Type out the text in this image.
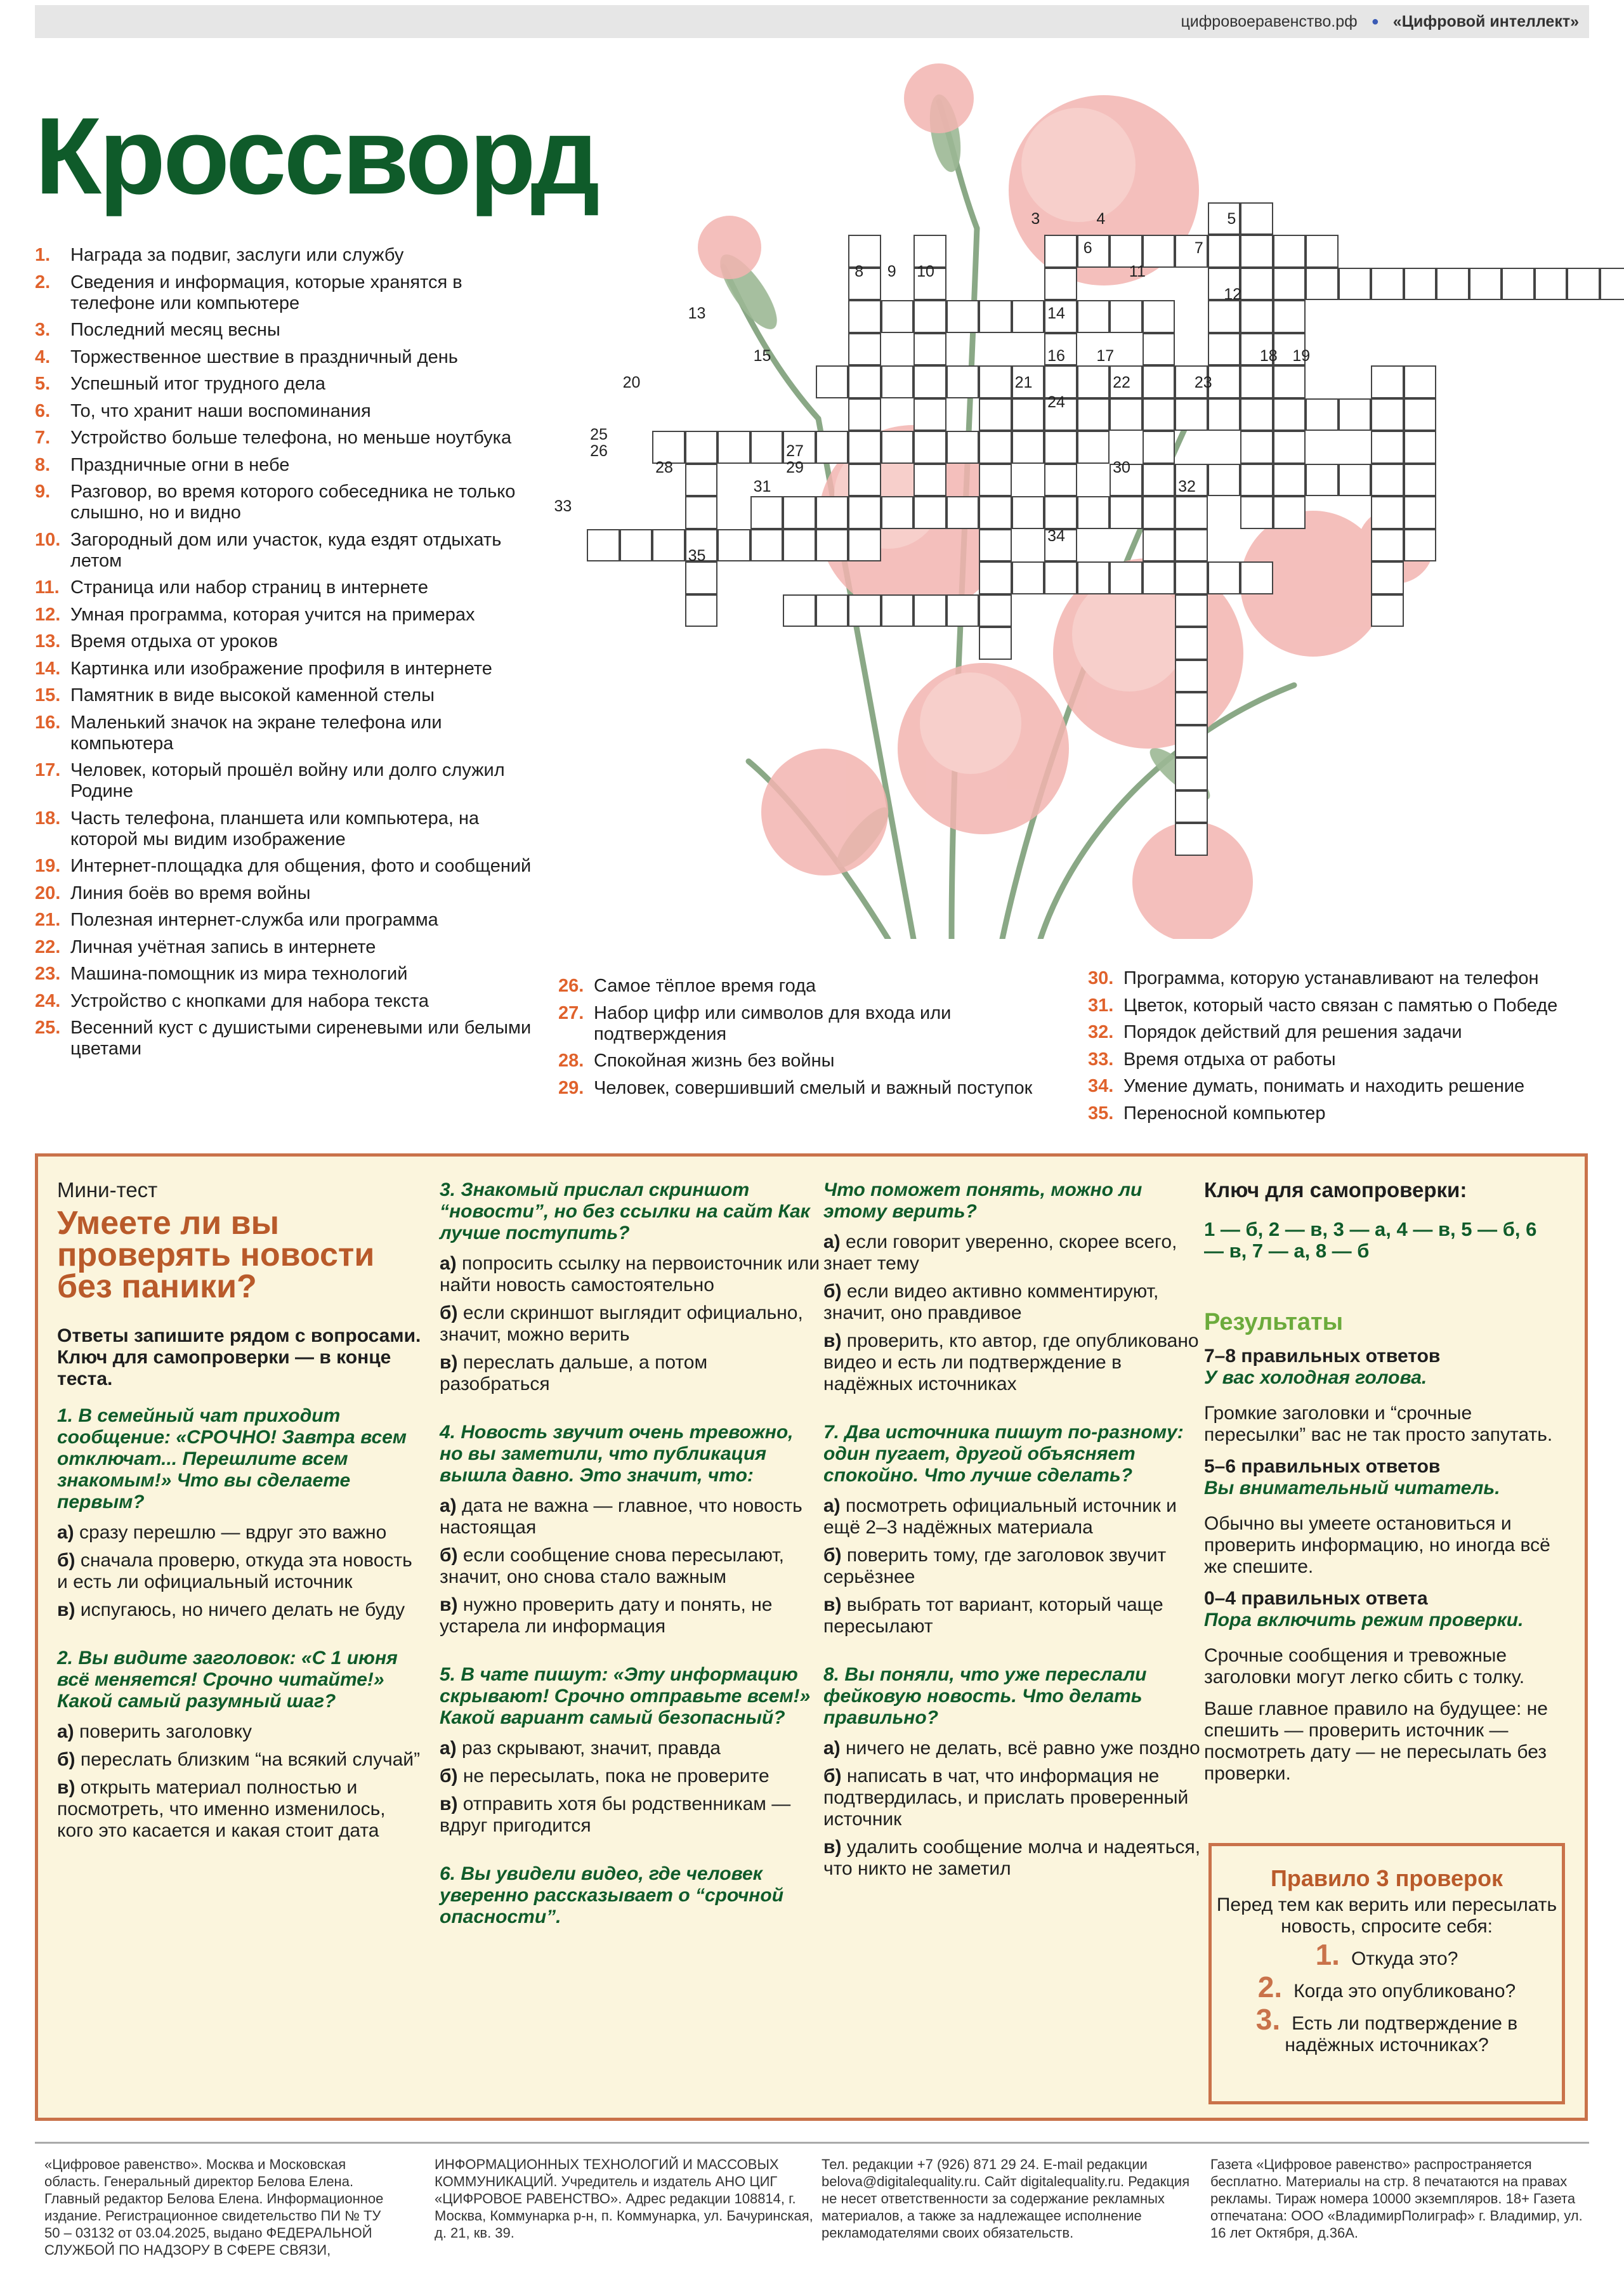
цифровоеравенство.рф ● «Цифровой интеллект»
Кроссворд
1. Награда за подвиг, заслуги или службу
2. Сведения и информация, которые хранятся в телефоне или компьютере
3. Последний месяц весны
4. Торжественное шествие в праздничный день
5. Успешный итог трудного дела
6. То, что хранит наши воспоминания
7. Устройство больше телефона, но меньше ноутбука
8. Праздничные огни в небе
9. Разговор, во время которого собеседника не только слышно, но и видно
10. Загородный дом или участок, куда ездят отдыхать летом
11. Страница или набор страниц в интернете
12. Умная программа, которая учится на примерах
13. Время отдыха от уроков
14. Картинка или изображение профиля в интернете
15. Памятник в виде высокой каменной стелы
16. Маленький значок на экране телефона или компьютера
17. Человек, который прошёл войну или долго служил Родине
18. Часть телефона, планшета или компьютера, на которой мы видим изображение
19. Интернет-площадка для общения, фото и сообщений
20. Линия боёв во время войны
21. Полезная интернет-служба или программа
22. Личная учётная запись в интернете
23. Машина-помощник из мира технологий
24. Устройство с кнопками для набора текста
25. Весенний куст с душистыми сиреневыми или белыми цветами
26. Самое тёплое время года
27. Набор цифр или символов для входа или подтверждения
28. Спокойная жизнь без войны
29. Человек, совершивший смелый и важный поступок
30. Программа, которую устанавливают на телефон
31. Цветок, который часто связан с памятью о Победе
32. Порядок действий для решения задачи
33. Время отдыха от работы
34. Умение думать, понимать и находить решение
35. Переносной компьютер
3	4	5
6	7
8 9 10	11
12
13	14
15	16 17	18 19
20	21	22	23
24
25
26	27
28	29	30
31	32
33
34
35
Мини-тест
Умеете ли вы проверять новости без паники?
Ответы запишите рядом с вопросами. Ключ для самопроверки — в конце теста.
1. В семейный чат приходит сообщение: «СРОЧНО! Завтра всем отключат... Перешлите всем знакомым!» Что вы сделаете первым?
а) сразу перешлю — вдруг это важно
б) сначала проверю, откуда эта новость и есть ли официальный источник
в) испугаюсь, но ничего делать не буду
2. Вы видите заголовок: «С 1 июня всё меняется! Срочно читайте!» Какой самый разумный шаг?
а) поверить заголовку
б) переслать близким “на всякий случай”
в) открыть материал полностью и посмотреть, что именно изменилось, кого это касается и какая стоит дата
3. Знакомый прислал скриншот “новости”, но без ссылки на сайт Как лучше поступить?
а) попросить ссылку на первоисточник или найти новость самостоятельно
б) если скриншот выглядит официально, значит, можно верить
в) переслать дальше, а потом разобраться
4. Новость звучит очень тревожно, но вы заметили, что публикация вышла давно. Это значит, что:
а) дата не важна — главное, что новость настоящая
б) если сообщение снова пересылают, значит, оно снова стало важным
в) нужно проверить дату и понять, не устарела ли информация
5. В чате пишут: «Эту информацию скрывают! Срочно отправьте всем!» Какой вариант самый безопасный?
а) раз скрывают, значит, правда
б) не пересылать, пока не проверите
в) отправить хотя бы родственникам — вдруг пригодится
6. Вы увидели видео, где человек уверенно рассказывает о “срочной опасности”.
Что поможет понять, можно ли этому верить?
а) если говорит уверенно, скорее всего, знает тему
б) если видео активно комментируют, значит, оно правдивое
в) проверить, кто автор, где опубликовано видео и есть ли подтверждение в надёжных источниках
7. Два источника пишут по-разному: один пугает, другой объясняет спокойно. Что лучше сделать?
а) посмотреть официальный источник и ещё 2–3 надёжных материала
б) поверить тому, где заголовок звучит серьёзнее
в) выбрать тот вариант, который чаще пересылают
8. Вы поняли, что уже переслали фейковую новость. Что делать правильно?
а) ничего не делать, всё равно уже поздно
б) написать в чат, что информация не подтвердилась, и прислать проверенный источник
в) удалить сообщение молча и надеяться, что никто не заметил
Ключ для самопроверки:
1 — б, 2 — в, 3 — а, 4 — в, 5 — б, 6 — в, 7 — а, 8 — б
Результаты
7–8 правильных ответов
У вас холодная голова.
Громкие заголовки и “срочные пересылки” вас не так просто запутать.
5–6 правильных ответов
Вы внимательный читатель.
Обычно вы умеете остановиться и проверить информацию, но иногда всё же спешите.
0–4 правильных ответа
Пора включить режим проверки.
Срочные сообщения и тревожные заголовки могут легко сбить с толку.
Ваше главное правило на будущее: не спешить — проверить источник — посмотреть дату — не пересылать без проверки.
Правило 3 проверок
Перед тем как верить или пересылать новость, спросите себя:
1. Откуда это?
2. Когда это опубликовано?
3. Есть ли подтверждение в надёжных источниках?
«Цифровое равенство». Москва и Московская область. Генеральный директор Белова Елена. Главный редактор Белова Елена. Информационное издание. Регистрационное свидетельство ПИ № ТУ 50 – 03132 от 03.04.2025, выдано ФЕДЕРАЛЬНОЙ СЛУЖБОЙ ПО НАДЗОРУ В СФЕРЕ СВЯЗИ,
ИНФОРМАЦИОННЫХ ТЕХНОЛОГИЙ И МАССОВЫХ КОММУНИКАЦИЙ. Учредитель и издатель АНО ЦИГ «ЦИФРОВОЕ РАВЕНСТВО». Адрес редакции 108814, г. Москва, Коммунарка р-н, п. Коммунарка, ул. Бачуринская, д. 21, кв. 39.
Тел. редакции +7 (926) 871 29 24. E-mail редакции belova@digitalequality.ru. Сайт digitalequality.ru. Редакция не несет ответственности за содержание рекламных материалов, а также за надлежащее исполнение рекламодателями своих обязательств.
Газета «Цифровое равенство» распространяется бесплатно. Материалы на стр. 8 печатаются на правах рекламы. Тираж номера 10000 экземпляров. 18+ Газета отпечатана: ООО «ВладимирПолиграф» г. Владимир, ул. 16 лет Октября, д.36А.
